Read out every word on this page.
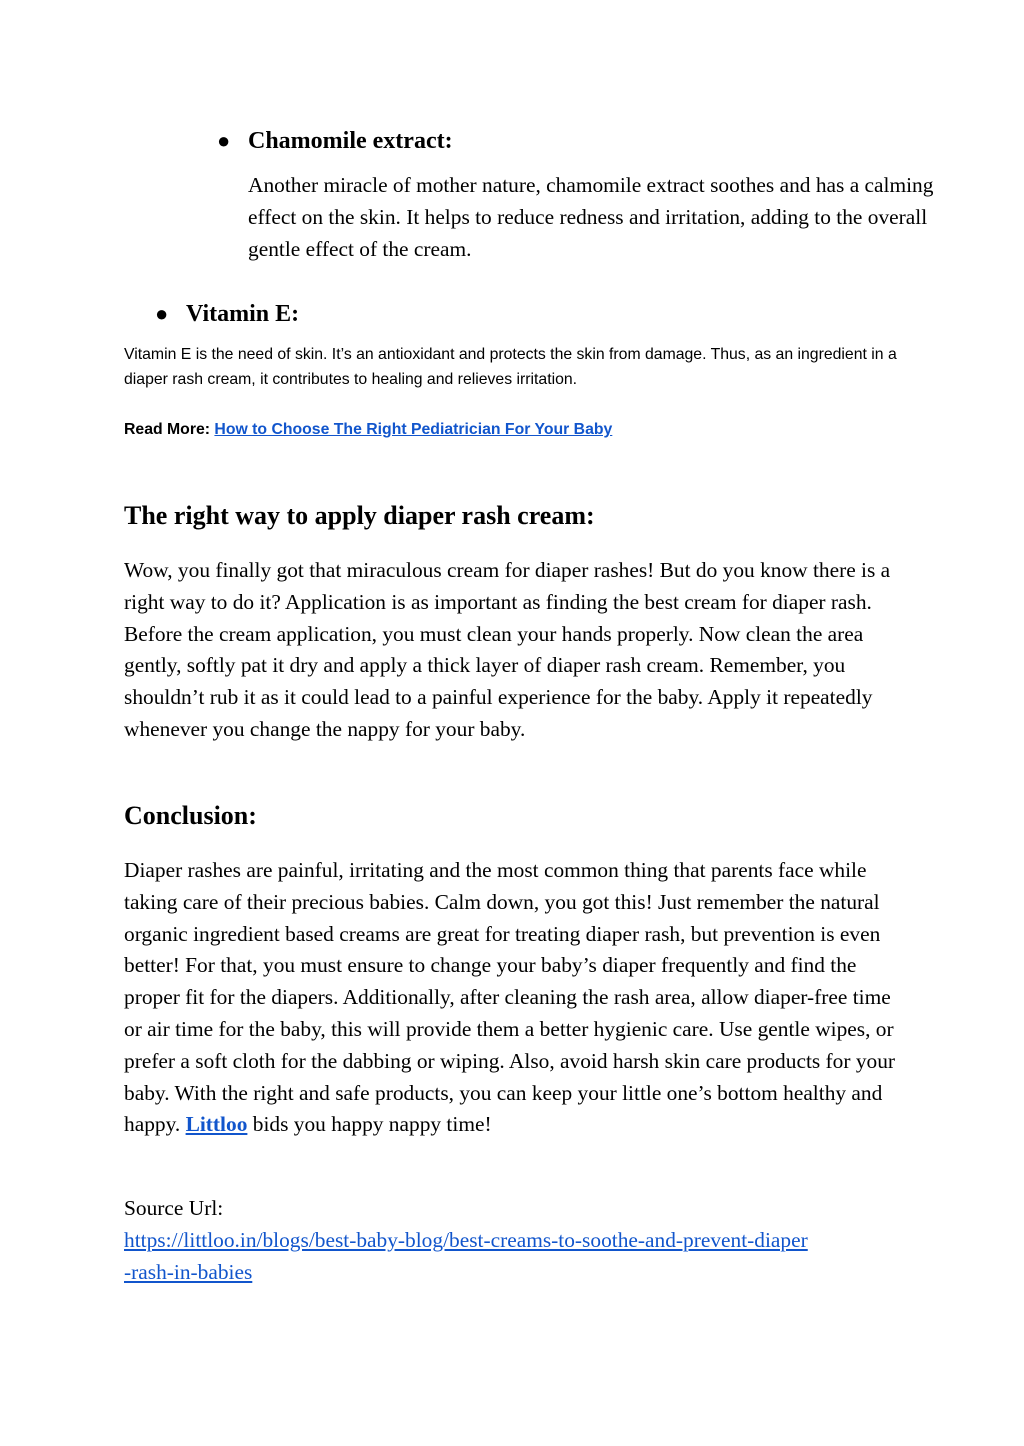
● Chamomile extract:

Another miracle of mother nature, chamomile extract soothes and has a calming effect on the skin. It helps to reduce redness and irritation, adding to the overall gentle effect of the cream.

● Vitamin E:

Vitamin E is the need of skin. It’s an antioxidant and protects the skin from damage. Thus, as an ingredient in a diaper rash cream, it contributes to healing and relieves irritation.

Read More: How to Choose The Right Pediatrician For Your Baby

The right way to apply diaper rash cream:

Wow, you finally got that miraculous cream for diaper rashes! But do you know there is a right way to do it? Application is as important as finding the best cream for diaper rash. Before the cream application, you must clean your hands properly. Now clean the area gently, softly pat it dry and apply a thick layer of diaper rash cream. Remember, you shouldn’t rub it as it could lead to a painful experience for the baby. Apply it repeatedly whenever you change the nappy for your baby.

Conclusion:

Diaper rashes are painful, irritating and the most common thing that parents face while taking care of their precious babies. Calm down, you got this! Just remember the natural organic ingredient based creams are great for treating diaper rash, but prevention is even better! For that, you must ensure to change your baby’s diaper frequently and find the proper fit for the diapers. Additionally, after cleaning the rash area, allow diaper-free time or air time for the baby, this will provide them a better hygienic care. Use gentle wipes, or prefer a soft cloth for the dabbing or wiping. Also, avoid harsh skin care products for your baby. With the right and safe products, you can keep your little one’s bottom healthy and happy. Littloo bids you happy nappy time!

Source Url:

https://littloo.in/blogs/best-baby-blog/best-creams-to-soothe-and-prevent-diaper
-rash-in-babies
